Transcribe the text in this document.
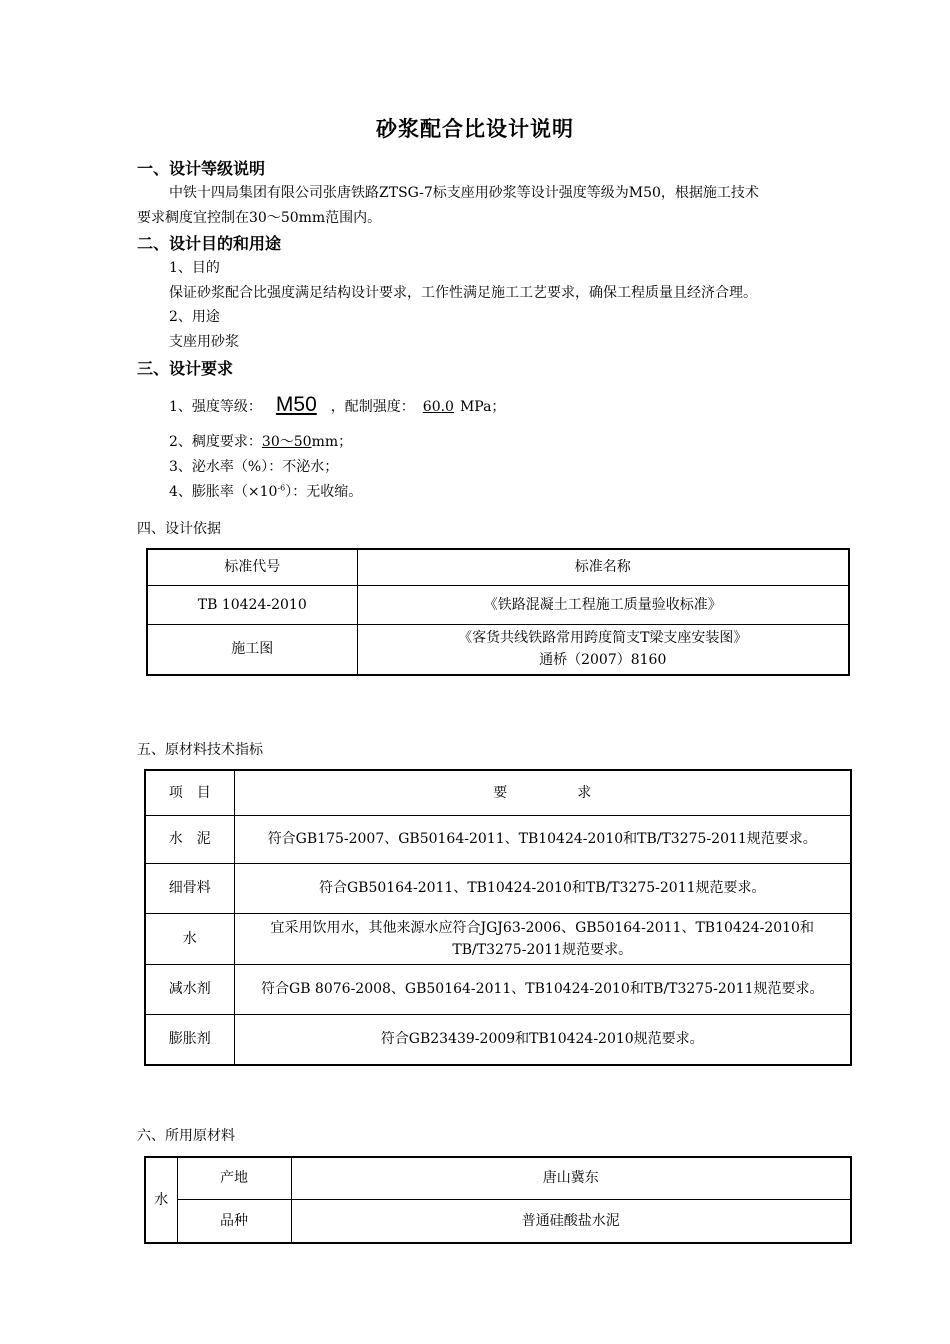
砂浆配合比设计说明
一、设计等级说明
中铁十四局集团有限公司张唐铁路ZTSG-7标支座用砂浆等设计强度等级为M50，根据施工技术
要求稠度宜控制在30～50mm范围内。
二、设计目的和用途
1、目的
保证砂浆配合比强度满足结构设计要求，工作性满足施工工艺要求，确保工程质量且经济合理。
2、用途
支座用砂浆
三、设计要求
1、强度等级： M50 ，配制强度： 60.0 MPa；
2、稠度要求：30～50mm；
3、泌水率（%）：不泌水；
4、膨胀率$(\times 10^{-6})$：无收缩。
四、设计依据
标准代号	标准名称
TB 10424-2010	《铁路混凝土工程施工质量验收标准》
施工图	《客货共线铁路常用跨度简支T梁支座安装图》
通桥（2007）8160
五、原材料技术指标
项　目	要　　　　　求
水　泥	符合GB175-2007、GB50164-2011、TB10424-2010和TB/T3275-2011规范要求。
细骨料	符合GB50164-2011、TB10424-2010和TB/T3275-2011规范要求。
水	宜采用饮用水，其他来源水应符合JGJ63-2006、GB50164-2011、TB10424-2010和
TB/T3275-2011规范要求。

减水剂	符合GB 8076-2008、GB50164-2011、TB10424-2010和TB/T3275-2011规范要求。
膨胀剂	符合GB23439-2009和TB10424-2010规范要求。
六、所用原材料
水	产地	唐山冀东
	品种	普通硅酸盐水泥
